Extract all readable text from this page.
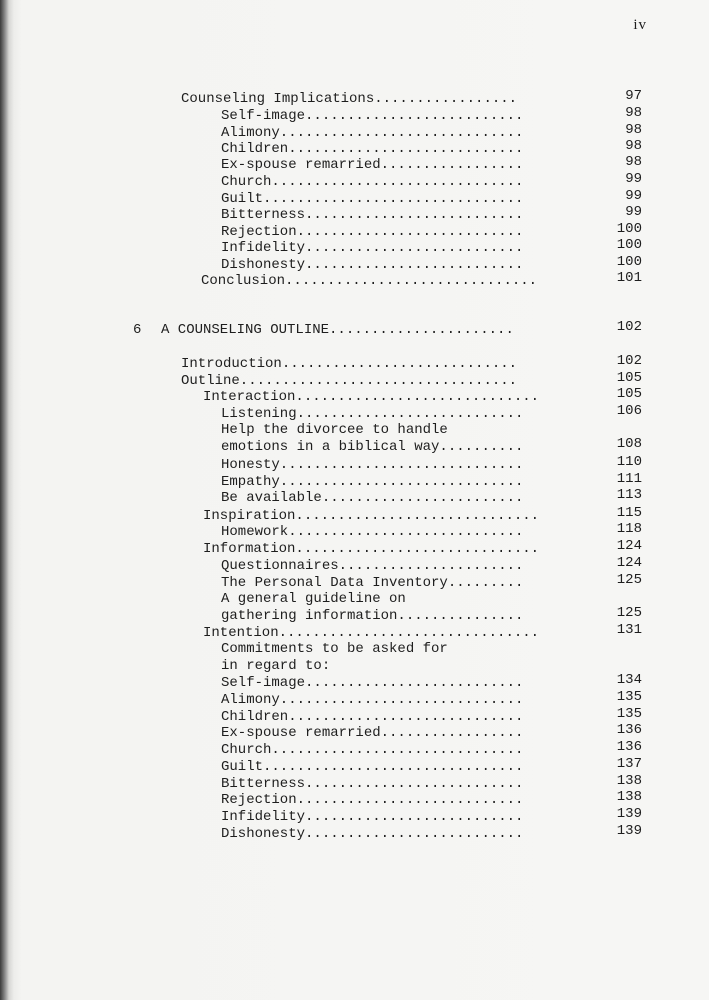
iv
Counseling Implications.................	97
Self-image..........................	98
Alimony.............................	98
Children............................	98
Ex-spouse remarried.................	98
Church..............................	99
Guilt...............................	99
Bitterness..........................	99
Rejection...........................	100
Infidelity..........................	100
Dishonesty..........................	100
Conclusion..............................	101
6 A COUNSELING OUTLINE......................	102
Introduction............................	102
Outline.................................	105
Interaction.............................	105
Listening...........................	106
Help the divorcee to handle
emotions in a biblical way..........	108
Honesty.............................	110
Empathy.............................	111
Be available........................	113
Inspiration.............................	115
Homework............................	118
Information.............................	124
Questionnaires......................	124
The Personal Data Inventory.........	125
A general guideline on
gathering information...............	125
Intention...............................	131
Commitments to be asked for
in regard to:
Self-image..........................	134
Alimony.............................	135
Children............................	135
Ex-spouse remarried.................	136
Church..............................	136
Guilt...............................	137
Bitterness..........................	138
Rejection...........................	138
Infidelity..........................	139
Dishonesty..........................	139
